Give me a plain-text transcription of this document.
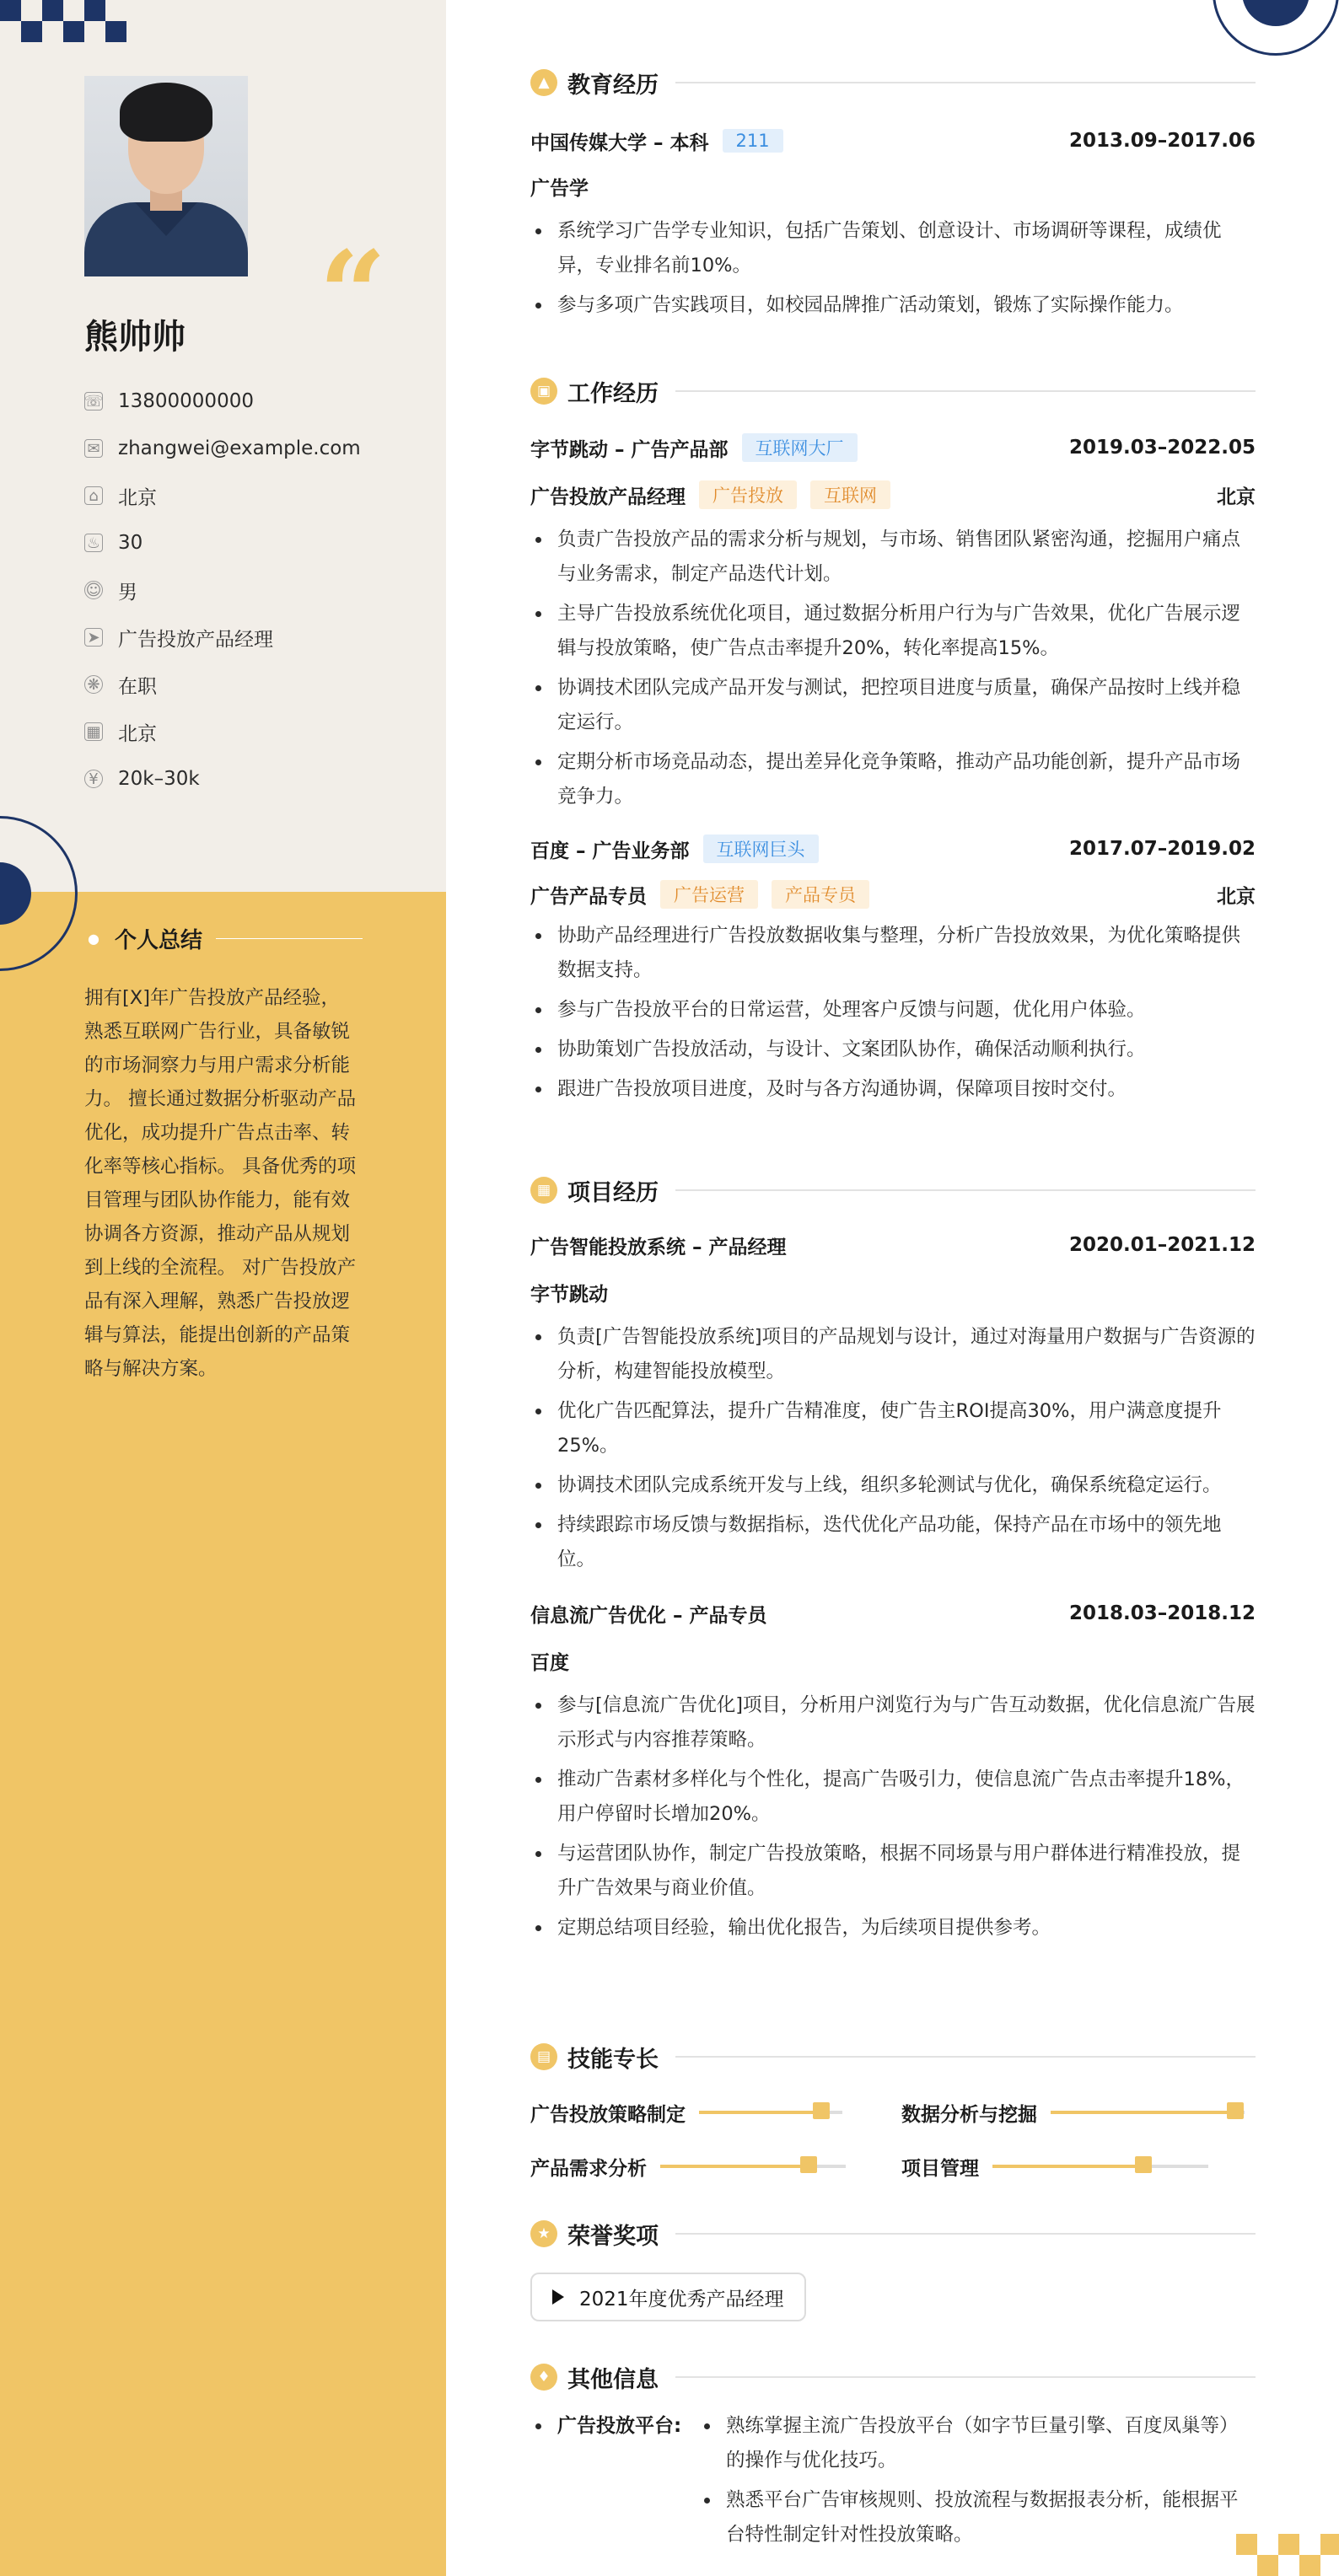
“
熊帅帅
☏ 13800000000
✉ zhangwei@example.com
⌂ 北京
♨ 30
☺ 男
➤ 广告投放产品经理
❋ 在职
▦ 北京
¥ 20k–30k
● 个人总结
拥有[X]年广告投放产品经验，熟悉互联网广告行业，具备敏锐的市场洞察力与用户需求分析能力。 擅长通过数据分析驱动产品优化，成功提升广告点击率、转化率等核心指标。 具备优秀的项目管理与团队协作能力，能有效协调各方资源，推动产品从规划到上线的全流程。 对广告投放产品有深入理解，熟悉广告投放逻辑与算法，能提出创新的产品策略与解决方案。
▲ 教育经历
中国传媒大学 – 本科	211	2013.09–2017.06
广告学
系统学习广告学专业知识，包括广告策划、创意设计、市场调研等课程，成绩优异，专业排名前10%。
参与多项广告实践项目，如校园品牌推广活动策划，锻炼了实际操作能力。
▣ 工作经历
字节跳动 – 广告产品部	互联网大厂	2019.03–2022.05
广告投放产品经理	广告投放	互联网	北京
负责广告投放产品的需求分析与规划，与市场、销售团队紧密沟通，挖掘用户痛点与业务需求，制定产品迭代计划。
主导广告投放系统优化项目，通过数据分析用户行为与广告效果，优化广告展示逻辑与投放策略，使广告点击率提升20%，转化率提高15%。
协调技术团队完成产品开发与测试，把控项目进度与质量，确保产品按时上线并稳定运行。
定期分析市场竞品动态，提出差异化竞争策略，推动产品功能创新，提升产品市场竞争力。
百度 – 广告业务部	互联网巨头	2017.07–2019.02
广告产品专员	广告运营	产品专员	北京
协助产品经理进行广告投放数据收集与整理，分析广告投放效果，为优化策略提供数据支持。
参与广告投放平台的日常运营，处理客户反馈与问题，优化用户体验。
协助策划广告投放活动，与设计、文案团队协作，确保活动顺利执行。
跟进广告投放项目进度，及时与各方沟通协调，保障项目按时交付。
▦ 项目经历
广告智能投放系统 – 产品经理	2020.01–2021.12
字节跳动
负责[广告智能投放系统]项目的产品规划与设计，通过对海量用户数据与广告资源的分析，构建智能投放模型。
优化广告匹配算法，提升广告精准度，使广告主ROI提高30%，用户满意度提升25%。
协调技术团队完成系统开发与上线，组织多轮测试与优化，确保系统稳定运行。
持续跟踪市场反馈与数据指标，迭代优化产品功能，保持产品在市场中的领先地位。
信息流广告优化 – 产品专员	2018.03–2018.12
百度
参与[信息流广告优化]项目，分析用户浏览行为与广告互动数据，优化信息流广告展示形式与内容推荐策略。
推动广告素材多样化与个性化，提高广告吸引力，使信息流广告点击率提升18%，用户停留时长增加20%。
与运营团队协作，制定广告投放策略，根据不同场景与用户群体进行精准投放，提升广告效果与商业价值。
定期总结项目经验，输出优化报告，为后续项目提供参考。
▤ 技能专长
广告投放策略制定	数据分析与挖掘
产品需求分析	项目管理
★ 荣誉奖项
2021年度优秀产品经理
♦ 其他信息
广告投放平台:	熟练掌握主流广告投放平台（如字节巨量引擎、百度凤巢等）的操作与优化技巧。
熟悉平台广告审核规则、投放流程与数据报表分析，能根据平台特性制定针对性投放策略。
